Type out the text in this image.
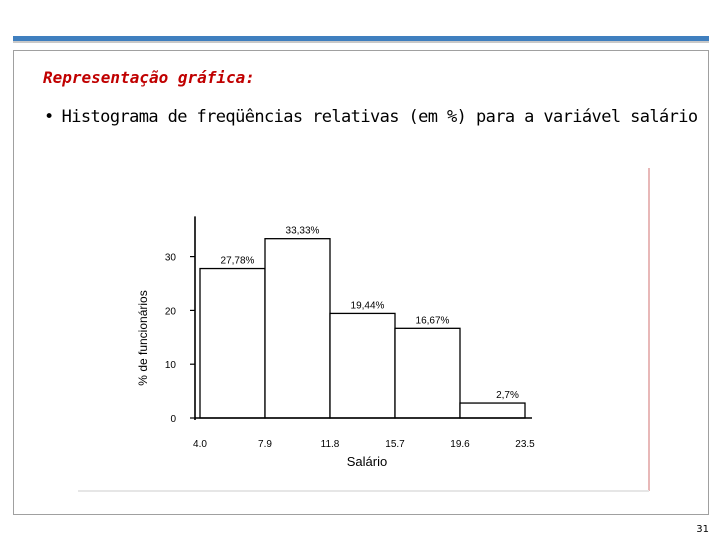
Representação gráfica:
• Histograma de freqüências relativas (em %) para a variável salário
0
10
20
30
4.0	7.9	11.8	15.7	19.6	23.5
27,78%
33,33%
19,44%
16,67%
2,7%
Salário
% de funcionários
31
